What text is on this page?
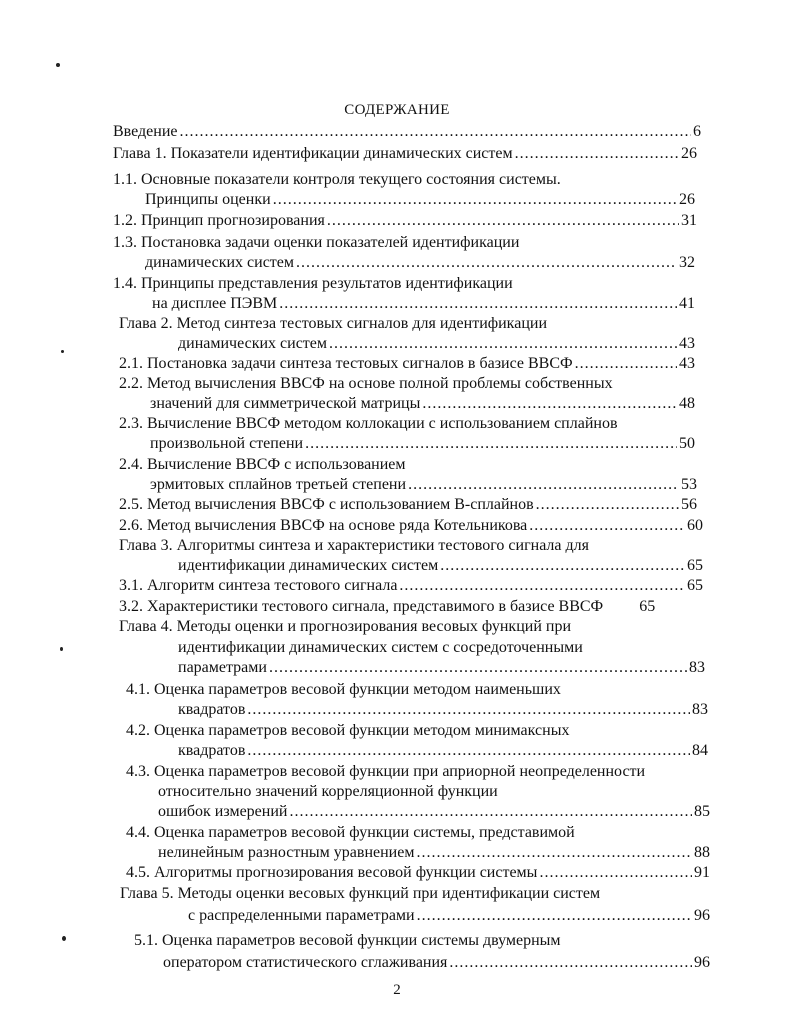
СОДЕРЖАНИЕ
Введение .....	6
Глава 1. Показатели идентификации динамических систем .....	26
1.1. Основные показатели контроля текущего состояния системы.
Принципы оценки .....	26
1.2. Принцип прогнозирования .....	31
1.3. Постановка задачи оценки показателей идентификации
динамических систем .....	32
1.4. Принципы представления результатов идентификации
на дисплее ПЭВМ .....	41
Глава 2. Метод синтеза тестовых сигналов для идентификации
динамических систем .....	43
2.1. Постановка задачи синтеза тестовых сигналов в базисе ВВСФ .....	43
2.2. Метод вычисления ВВСФ на основе полной проблемы собственных
значений для симметрической матрицы .....	48
2.3. Вычисление ВВСФ методом коллокации с использованием сплайнов
произвольной степени .....	50
2.4. Вычисление ВВСФ с использованием
эрмитовых сплайнов третьей степени .....	53
2.5. Метод вычисления ВВСФ с использованием В-сплайнов .....	56
2.6. Метод вычисления ВВСФ на основе ряда Котельникова .....	60
Глава 3. Алгоритмы синтеза и характеристики тестового сигнала для
идентификации динамических систем .....	65
3.1. Алгоритм синтеза тестового сигнала .....	65
3.2. Характеристики тестового сигнала, представимого в базисе ВВСФ 65
Глава 4. Методы оценки и прогнозирования весовых функций при
идентификации динамических систем с сосредоточенными
параметрами .....	83
4.1. Оценка параметров весовой функции методом наименьших
квадратов .....	83
4.2. Оценка параметров весовой функции методом минимаксных
квадратов .....	84
4.3. Оценка параметров весовой функции при априорной неопределенности
относительно значений корреляционной функции
ошибок измерений .....	85
4.4. Оценка параметров весовой функции системы, представимой
нелинейным разностным уравнением .....	88
4.5. Алгоритмы прогнозирования весовой функции системы .....	91
Глава 5. Методы оценки весовых функций при идентификации систем
с распределенными параметрами .....	96
5.1. Оценка параметров весовой функции системы двумерным
оператором статистического сглаживания .....	96
2
